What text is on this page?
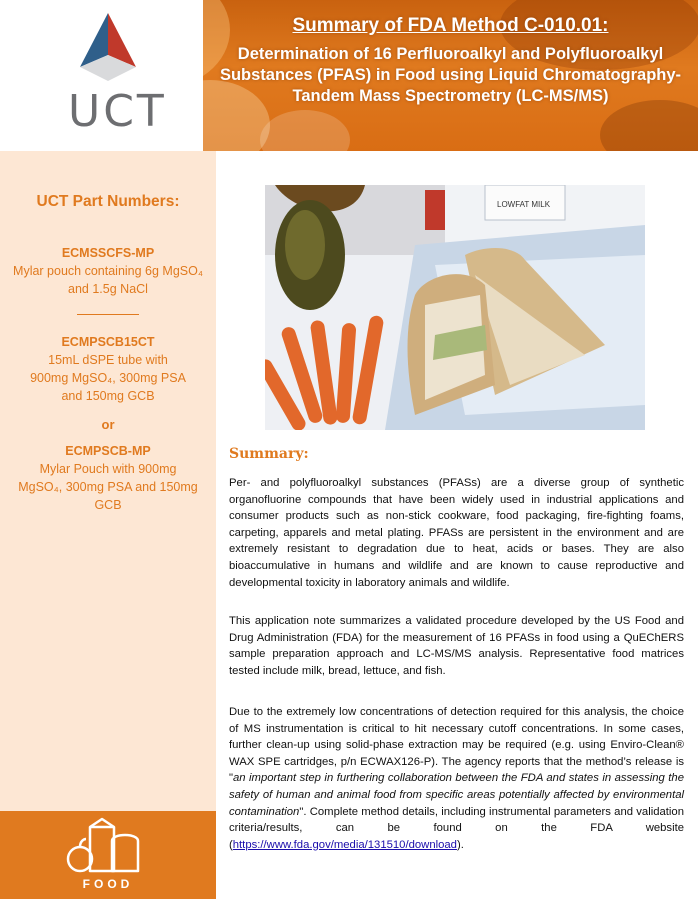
UCT
Summary of FDA Method C-010.01:
Determination of 16 Perfluoroalkyl and Polyfluoroalkyl Substances (PFAS) in Food using Liquid Chromatography-Tandem Mass Spectrometry (LC-MS/MS)
UCT Part Numbers:
ECMSSCFS-MP
Mylar pouch containing 6g MgSO₄ and 1.5g NaCl
ECMPSCB15CT
15mL dSPE tube with 900mg MgSO₄, 300mg PSA and 150mg GCB
or
ECMPSCB-MP
Mylar Pouch with 900mg MgSO₄, 300mg PSA and 150mg GCB
FOOD
LOWFAT MILK
Summary:
Per- and polyfluoroalkyl substances (PFASs) are a diverse group of synthetic organofluorine compounds that have been widely used in industrial applications and consumer products such as non-stick cookware, food packaging, fire-fighting foams, carpeting, apparels and metal plating. PFASs are persistent in the environment and are extremely resistant to degradation due to heat, acids or bases. They are also bioaccumulative in humans and wildlife and are known to cause reproductive and developmental toxicity in laboratory animals and wildlife.
This application note summarizes a validated procedure developed by the US Food and Drug Administration (FDA) for the measurement of 16 PFASs in food using a QuEChERS sample preparation approach and LC-MS/MS analysis. Representative food matrices tested include milk, bread, lettuce, and fish.
Due to the extremely low concentrations of detection required for this analysis, the choice of MS instrumentation is critical to hit necessary cutoff concentrations. In some cases, further clean-up using solid-phase extraction may be required (e.g. using Enviro-Clean® WAX SPE cartridges, p/n ECWAX126-P). The agency reports that the method’s release is "an important step in furthering collaboration between the FDA and states in assessing the safety of human and animal food from specific areas potentially affected by environmental contamination". Complete method details, including instrumental parameters and validation criteria/results, can be found on the FDA website (https://www.fda.gov/media/131510/download).
